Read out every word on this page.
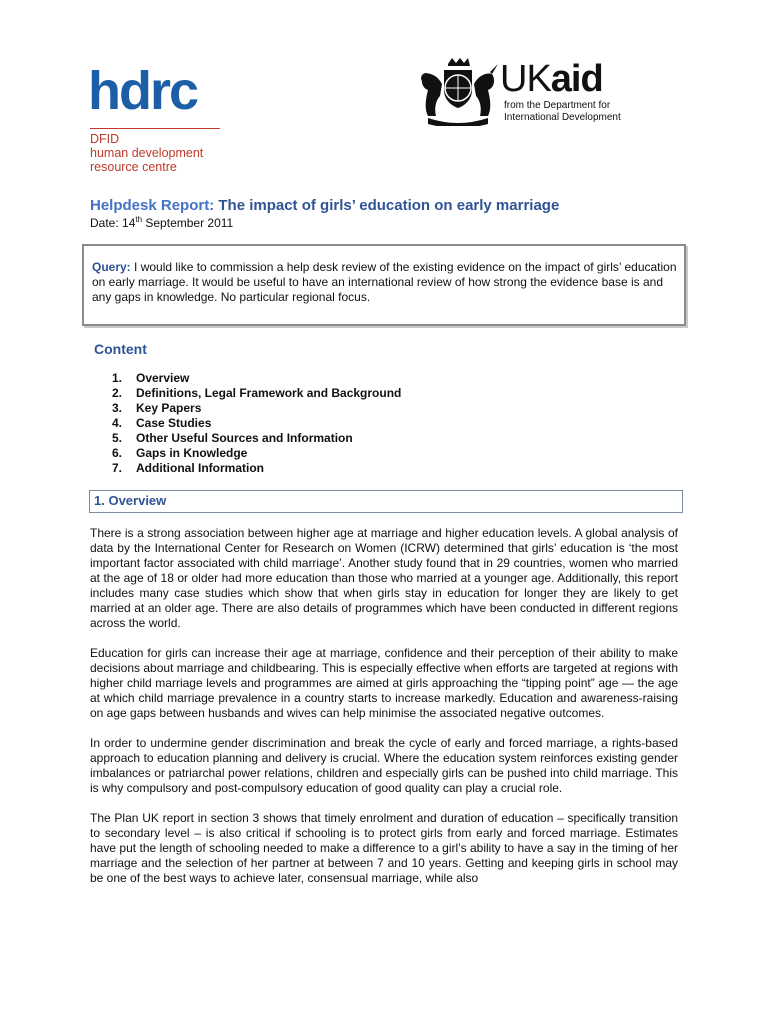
hdrc
DFID
human development
resource centre
UKaid
from the Department for
International Development
Helpdesk Report: The impact of girls’ education on early marriage
Date: 14th September 2011
Query: I would like to commission a help desk review of the existing evidence on the impact of girls’ education on early marriage. It would be useful to have an international review of how strong the evidence base is and any gaps in knowledge. No particular regional focus.
Content
1. Overview
2. Definitions, Legal Framework and Background
3. Key Papers
4. Case Studies
5. Other Useful Sources and Information
6. Gaps in Knowledge
7. Additional Information
1. Overview

There is a strong association between higher age at marriage and higher education levels. A global analysis of data by the International Center for Research on Women (ICRW) determined that girls’ education is ‘the most important factor associated with child marriage’. Another study found that in 29 countries, women who married at the age of 18 or older had more education than those who married at a younger age. Additionally, this report includes many case studies which show that when girls stay in education for longer they are likely to get married at an older age. There are also details of programmes which have been conducted in different regions across the world.

Education for girls can increase their age at marriage, confidence and their perception of their ability to make decisions about marriage and childbearing. This is especially effective when efforts are targeted at regions with higher child marriage levels and programmes are aimed at girls approaching the “tipping point” age — the age at which child marriage prevalence in a country starts to increase markedly. Education and awareness-raising on age gaps between husbands and wives can help minimise the associated negative outcomes.

In order to undermine gender discrimination and break the cycle of early and forced marriage, a rights-based approach to education planning and delivery is crucial. Where the education system reinforces existing gender imbalances or patriarchal power relations, children and especially girls can be pushed into child marriage. This is why compulsory and post-compulsory education of good quality can play a crucial role.

The Plan UK report in section 3 shows that timely enrolment and duration of education – specifically transition to secondary level – is also critical if schooling is to protect girls from early and forced marriage. Estimates have put the length of schooling needed to make a difference to a girl’s ability to have a say in the timing of her marriage and the selection of her partner at between 7 and 10 years. Getting and keeping girls in school may be one of the best ways to achieve later, consensual marriage, while also
